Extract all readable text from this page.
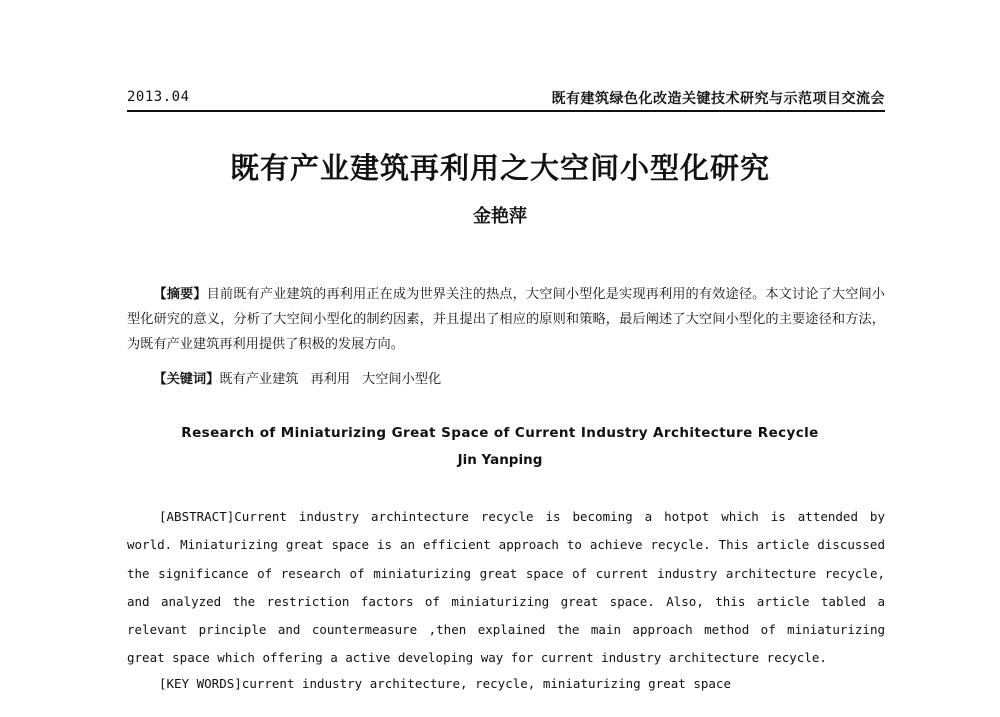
2013.04	既有建筑绿色化改造关键技术研究与示范项目交流会
既有产业建筑再利用之大空间小型化研究
金艳萍
【摘要】目前既有产业建筑的再利用正在成为世界关注的热点，大空间小型化是实现再利用的有效途径。本文讨论了大空间小型化研究的意义，分析了大空间小型化的制约因素，并且提出了相应的原则和策略，最后阐述了大空间小型化的主要途径和方法，为既有产业建筑再利用提供了积极的发展方向。
【关键词】既有产业建筑 再利用 大空间小型化
Research of Miniaturizing Great Space of Current Industry Architecture Recycle
Jin Yanping
[ABSTRACT]Current industry archintecture recycle is becoming a hotpot which is attended by world. Miniaturizing great space is an efficient approach to achieve recycle. This article discussed the significance of research of miniaturizing great space of current industry architecture recycle, and analyzed the restriction factors of miniaturizing great space. Also, this article tabled a relevant principle and countermeasure ,then explained the main approach method of miniaturizing great space which offering a active developing way for current industry architecture recycle.
[KEY WORDS]current industry architecture, recycle, miniaturizing great space
